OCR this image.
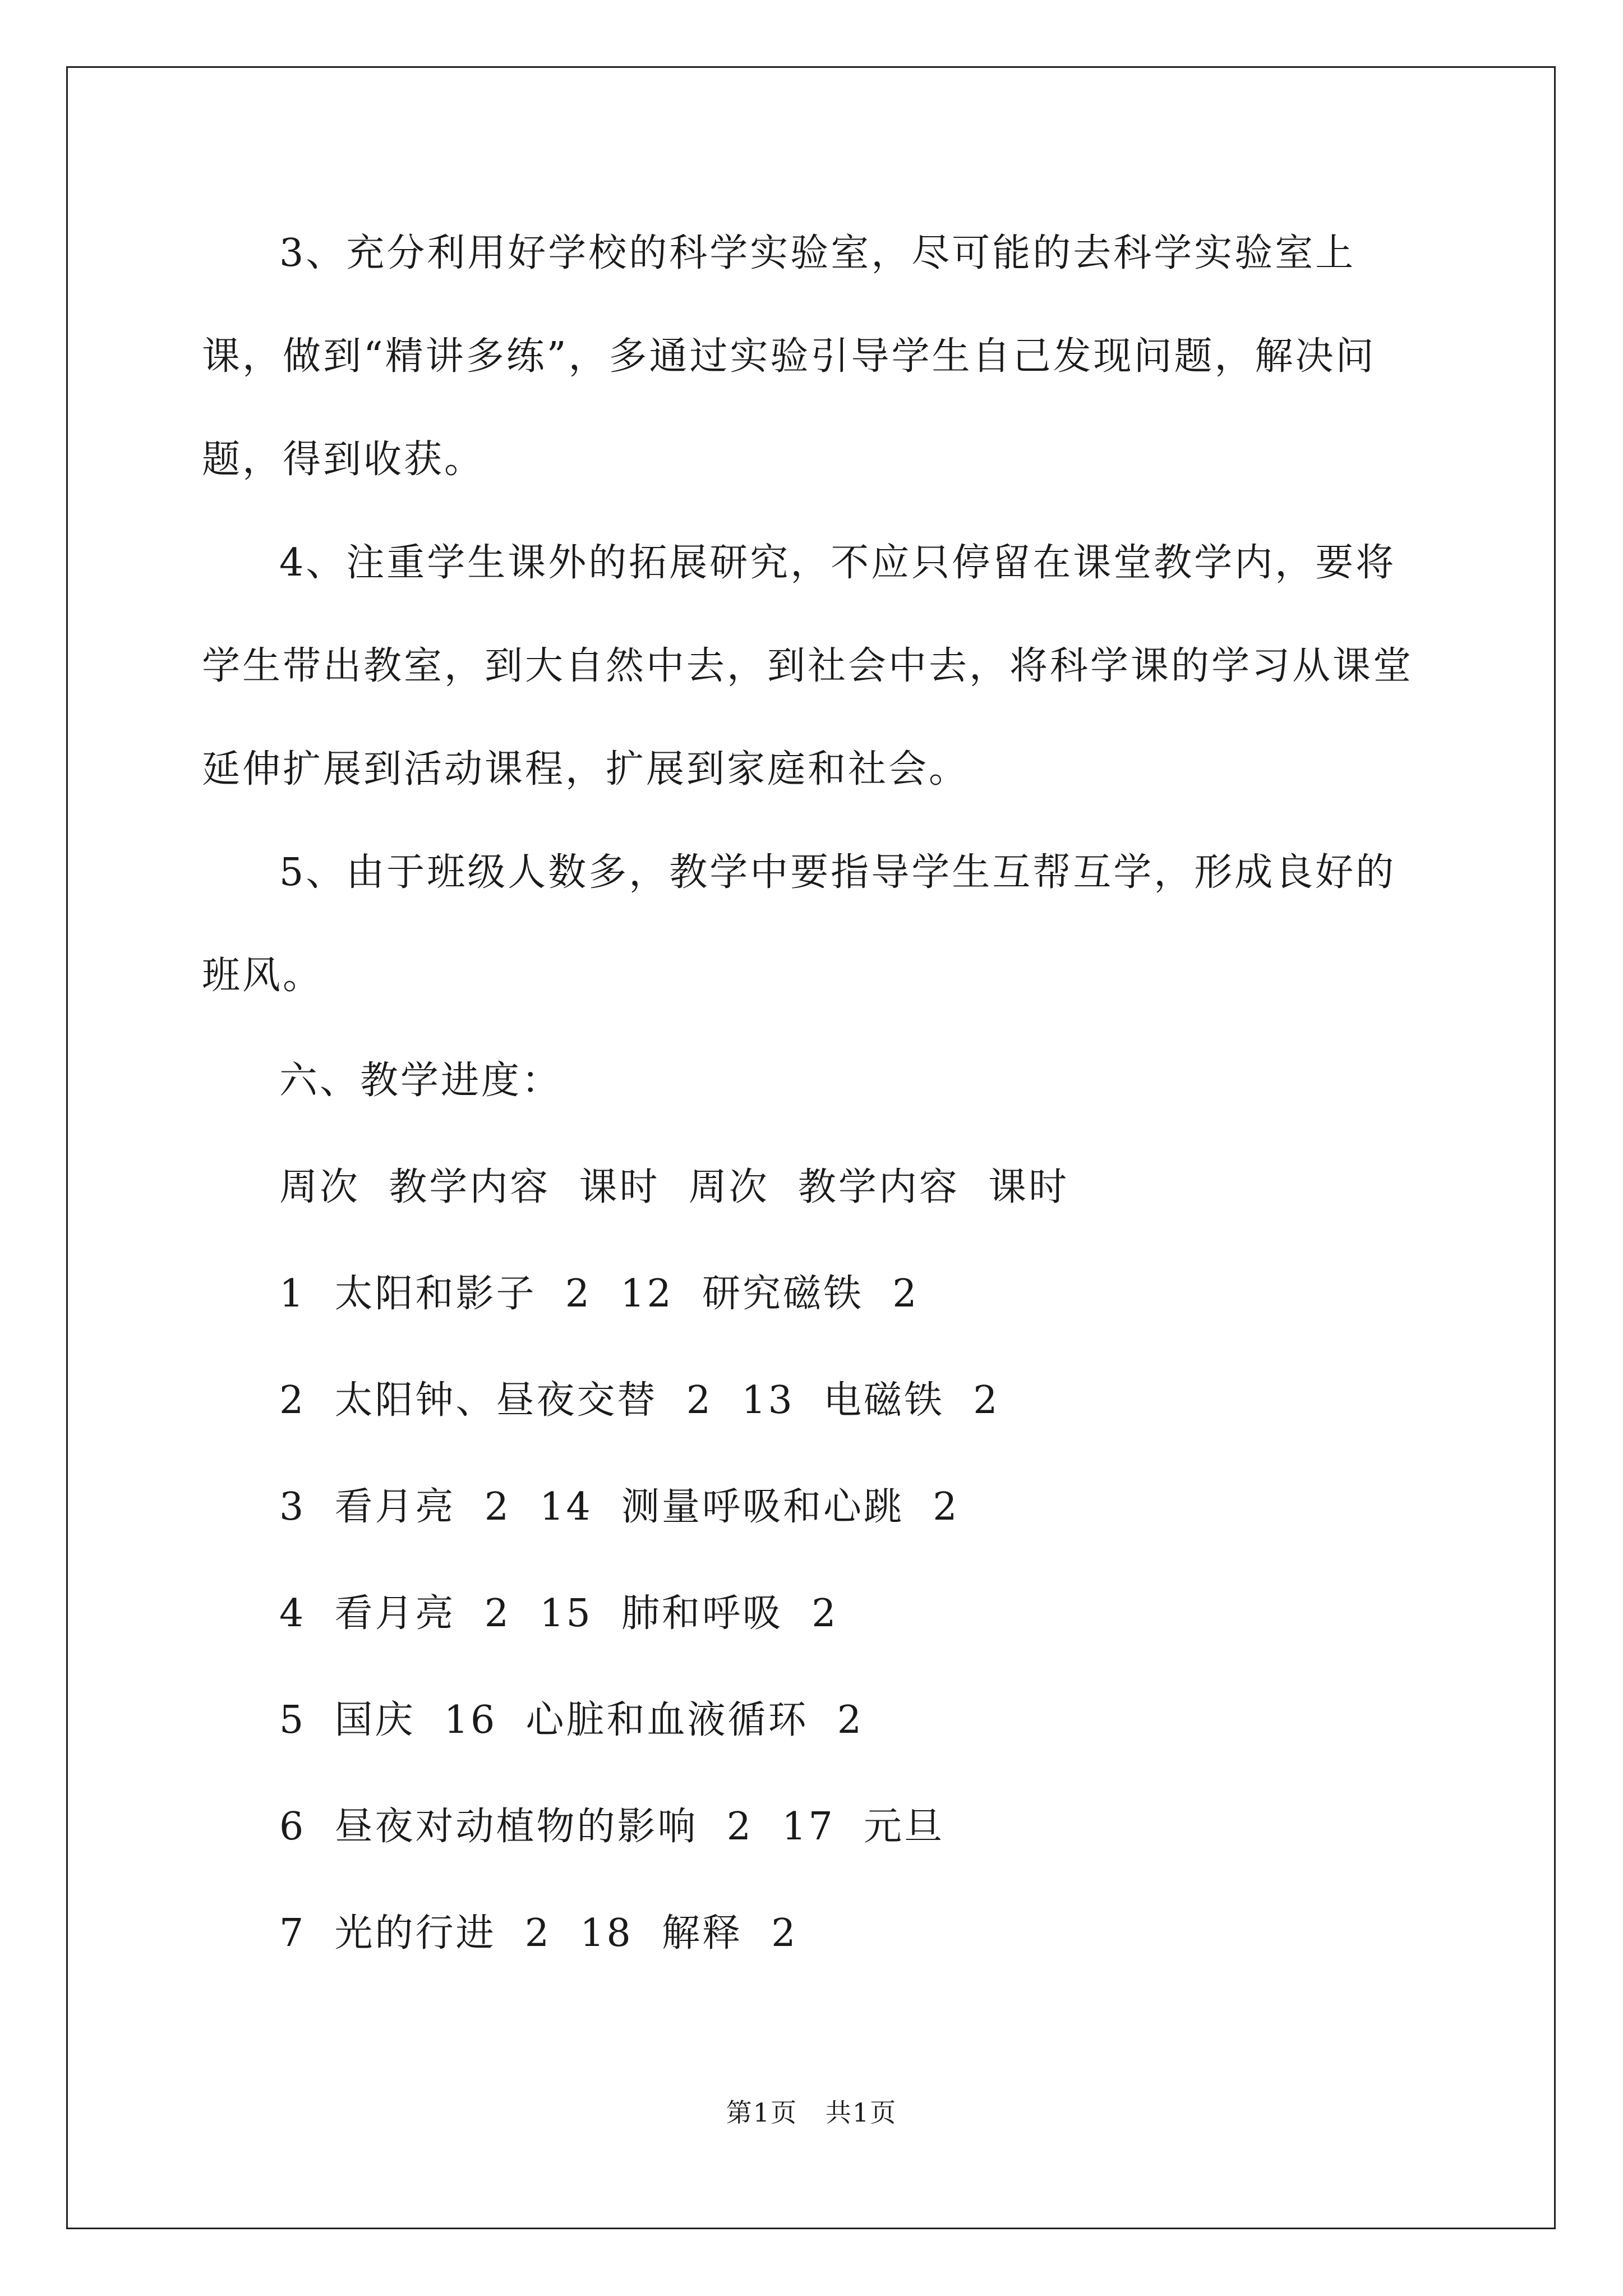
3、充分利用好学校的科学实验室，尽可能的去科学实验室上课，做到“精讲多练”，多通过实验引导学生自己发现问题，解决问题，得到收获。

4、注重学生课外的拓展研究，不应只停留在课堂教学内，要将学生带出教室，到大自然中去，到社会中去，将科学课的学习从课堂延伸扩展到活动课程，扩展到家庭和社会。

5、由于班级人数多，教学中要指导学生互帮互学，形成良好的班风。

六、教学进度：

周次  教学内容  课时  周次  教学内容  课时

1  太阳和影子  2  12  研究磁铁  2

2  太阳钟、昼夜交替  2  13  电磁铁  2

3  看月亮  2  14  测量呼吸和心跳  2

4  看月亮  2  15  肺和呼吸  2

5  国庆  16  心脏和血液循环  2

6  昼夜对动植物的影响  2  17  元旦

7  光的行进  2  18  解释  2

第1页   共1页
